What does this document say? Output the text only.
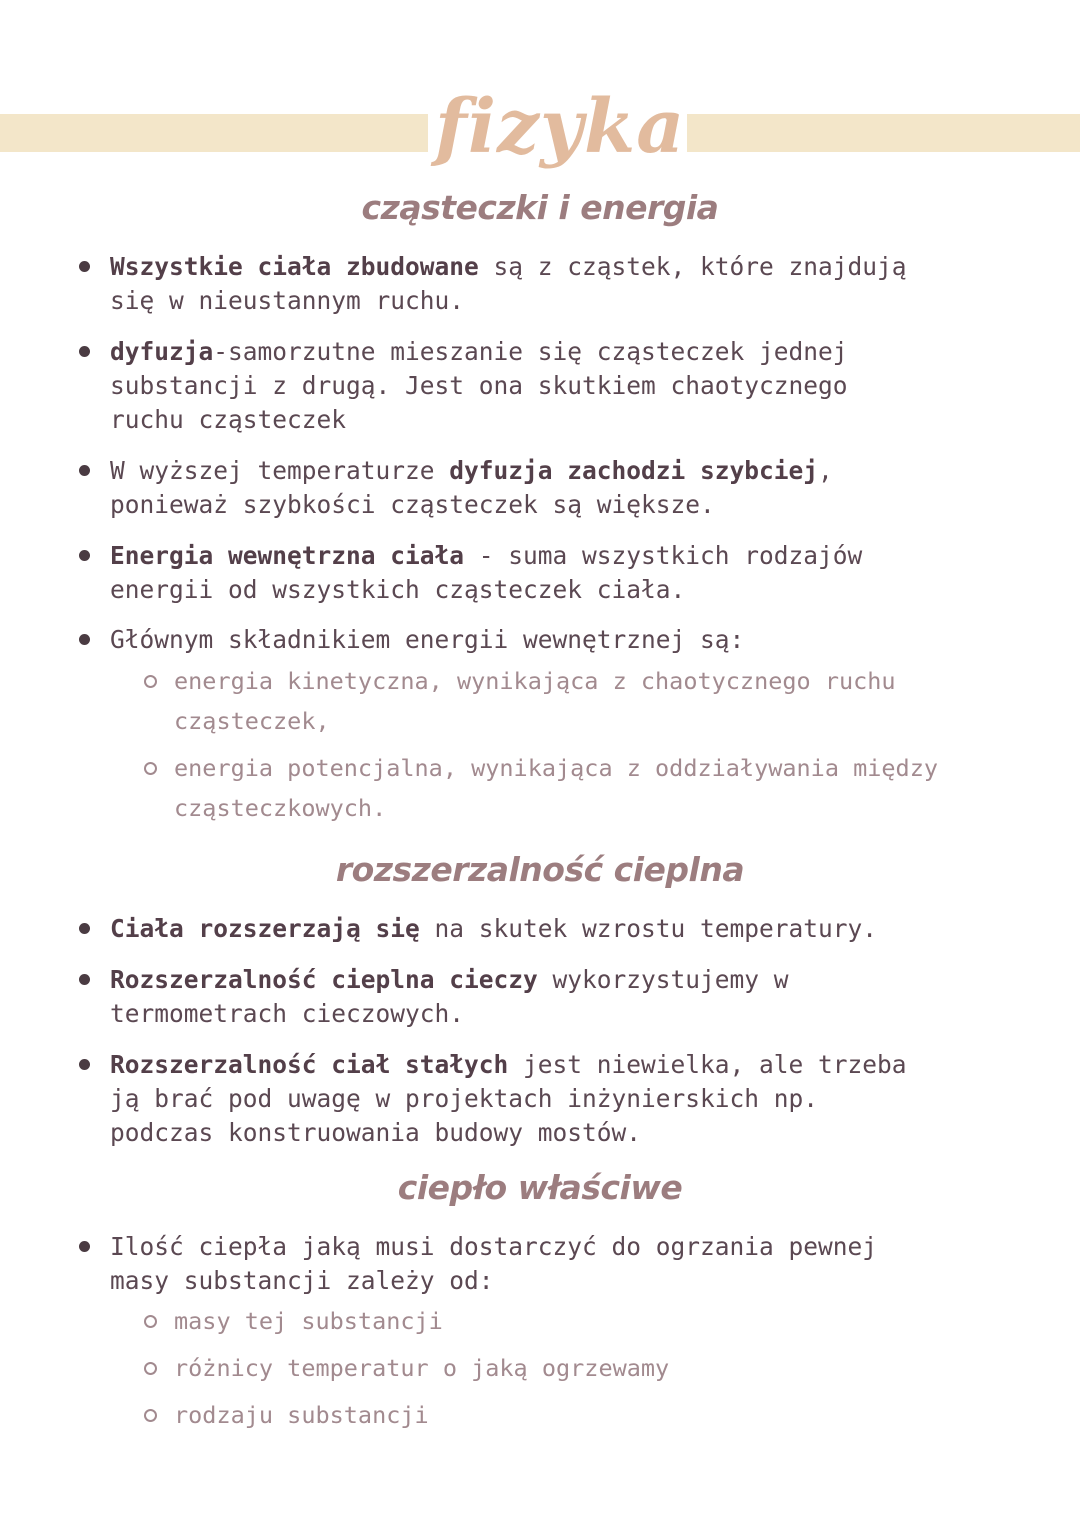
fizyka
cząsteczki i energia
Wszystkie ciała zbudowane są z cząstek, które znajdują
się w nieustannym ruchu.
dyfuzja-samorzutne mieszanie się cząsteczek jednej
substancji z drugą. Jest ona skutkiem chaotycznego
ruchu cząsteczek
W wyższej temperaturze dyfuzja zachodzi szybciej,
ponieważ szybkości cząsteczek są większe.
Energia wewnętrzna ciała - suma wszystkich rodzajów
energii od wszystkich cząsteczek ciała.
Głównym składnikiem energii wewnętrznej są:
energia kinetyczna, wynikająca z chaotycznego ruchu
cząsteczek,
energia potencjalna, wynikająca z oddziaływania między
cząsteczkowych.
rozszerzalność cieplna
Ciała rozszerzają się na skutek wzrostu temperatury.
Rozszerzalność cieplna cieczy wykorzystujemy w
termometrach cieczowych.
Rozszerzalność ciał stałych jest niewielka, ale trzeba
ją brać pod uwagę w projektach inżynierskich np.
podczas konstruowania budowy mostów.
ciepło właściwe
Ilość ciepła jaką musi dostarczyć do ogrzania pewnej
masy substancji zależy od:
masy tej substancji
różnicy temperatur o jaką ogrzewamy
rodzaju substancji
